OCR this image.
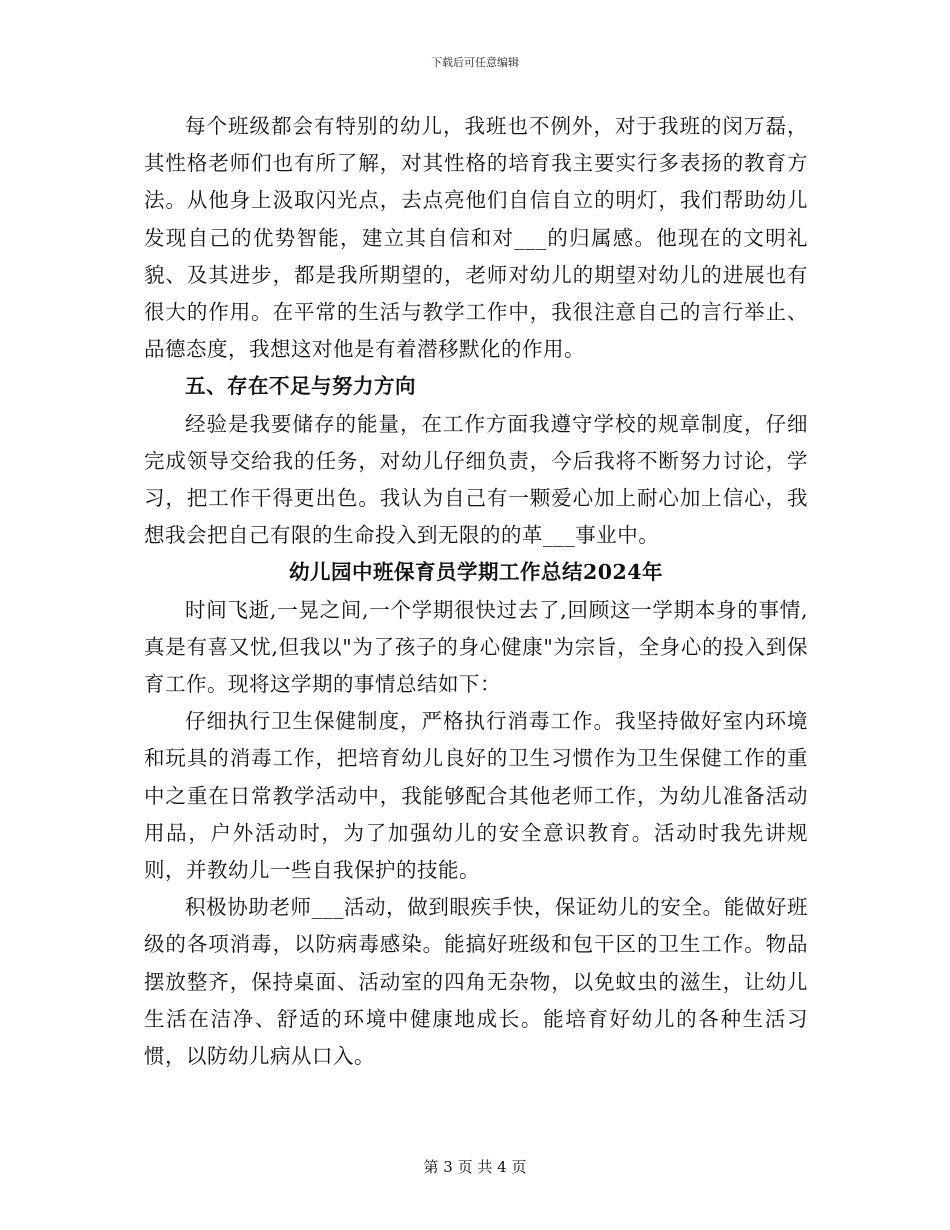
下载后可任意编辑

每个班级都会有特别的幼儿，我班也不例外，对于我班的闵万磊，其性格老师们也有所了解，对其性格的培育我主要实行多表扬的教育方法。从他身上汲取闪光点，去点亮他们自信自立的明灯，我们帮助幼儿发现自己的优势智能，建立其自信和对___的归属感。他现在的文明礼貌、及其进步，都是我所期望的，老师对幼儿的期望对幼儿的进展也有很大的作用。在平常的生活与教学工作中，我很注意自己的言行举止、品德态度，我想这对他是有着潜移默化的作用。

五、存在不足与努力方向

经验是我要储存的能量，在工作方面我遵守学校的规章制度，仔细完成领导交给我的任务，对幼儿仔细负责，今后我将不断努力讨论，学习，把工作干得更出色。我认为自己有一颗爱心加上耐心加上信心，我想我会把自己有限的生命投入到无限的的革___事业中。

幼儿园中班保育员学期工作总结2024年

时间飞逝,一晃之间,一个学期很快过去了,回顾这一学期本身的事情,真是有喜又忧,但我以"为了孩子的身心健康"为宗旨，全身心的投入到保育工作。现将这学期的事情总结如下：

仔细执行卫生保健制度，严格执行消毒工作。我坚持做好室内环境和玩具的消毒工作，把培育幼儿良好的卫生习惯作为卫生保健工作的重中之重在日常教学活动中，我能够配合其他老师工作，为幼儿准备活动用品，户外活动时，为了加强幼儿的安全意识教育。活动时我先讲规则，并教幼儿一些自我保护的技能。

积极协助老师___活动，做到眼疾手快，保证幼儿的安全。能做好班级的各项消毒，以防病毒感染。能搞好班级和包干区的卫生工作。物品摆放整齐，保持桌面、活动室的四角无杂物，以免蚊虫的滋生，让幼儿生活在洁净、舒适的环境中健康地成长。能培育好幼儿的各种生活习惯，以防幼儿病从口入。

第 3 页 共 4 页
